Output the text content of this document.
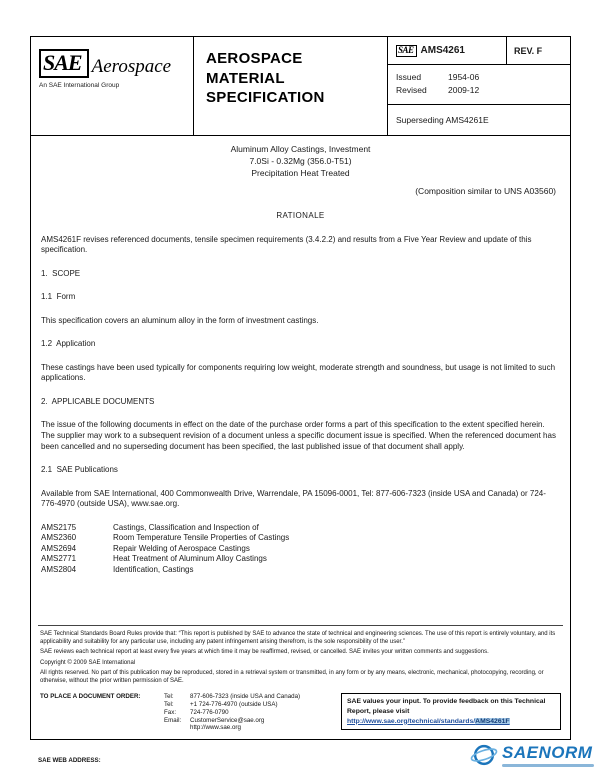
SAE Aerospace
An SAE International Group
AEROSPACE MATERIAL SPECIFICATION
SAE AMS4261	REV. F
Issued	1954-06
Revised	2009-12
Superseding AMS4261E
Aluminum Alloy Castings, Investment
7.0Si - 0.32Mg (356.0-T51)
Precipitation Heat Treated
(Composition similar to UNS A03560)
RATIONALE

AMS4261F revises referenced documents, tensile specimen requirements (3.4.2.2) and results from a Five Year Review and update of this specification.

1.  SCOPE

1.1  Form

This specification covers an aluminum alloy in the form of investment castings.

1.2  Application

These castings have been used typically for components requiring low weight, moderate strength and soundness, but usage is not limited to such applications.

2.  APPLICABLE DOCUMENTS

The issue of the following documents in effect on the date of the purchase order forms a part of this specification to the extent specified herein. The supplier may work to a subsequent revision of a document unless a specific document issue is specified. When the referenced document has been cancelled and no superseding document has been specified, the last published issue of that document shall apply.

2.1  SAE Publications

Available from SAE International, 400 Commonwealth Drive, Warrendale, PA 15096-0001, Tel: 877-606-7323 (inside USA and Canada) or 724-776-4970 (outside USA), www.sae.org.

AMS2175	Castings, Classification and Inspection of
AMS2360	Room Temperature Tensile Properties of Castings
AMS2694	Repair Welding of Aerospace Castings
AMS2771	Heat Treatment of Aluminum Alloy Castings
AMS2804	Identification, Castings

SAE Technical Standards Board Rules provide that: “This report is published by SAE to advance the state of technical and engineering sciences. The use of this report is entirely voluntary, and its applicability and suitability for any particular use, including any patent infringement arising therefrom, is the sole responsibility of the user.”

SAE reviews each technical report at least every five years at which time it may be reaffirmed, revised, or cancelled. SAE invites your written comments and suggestions.

Copyright © 2009 SAE International

All rights reserved. No part of this publication may be reproduced, stored in a retrieval system or transmitted, in any form or by any means, electronic, mechanical, photocopying, recording, or otherwise, without the prior written permission of SAE.

TO PLACE A DOCUMENT ORDER:	Tel:	877-606-7323 (inside USA and Canada)
Tel:	+1 724-776-4970 (outside USA)
Fax:	724-776-0790
Email:	CustomerService@sae.org
http://www.sae.org
SAE values your input. To provide feedback on this Technical Report, please visit http://www.sae.org/technical/standards/AMS4261F
SAE WEB ADDRESS:	SAENORM
